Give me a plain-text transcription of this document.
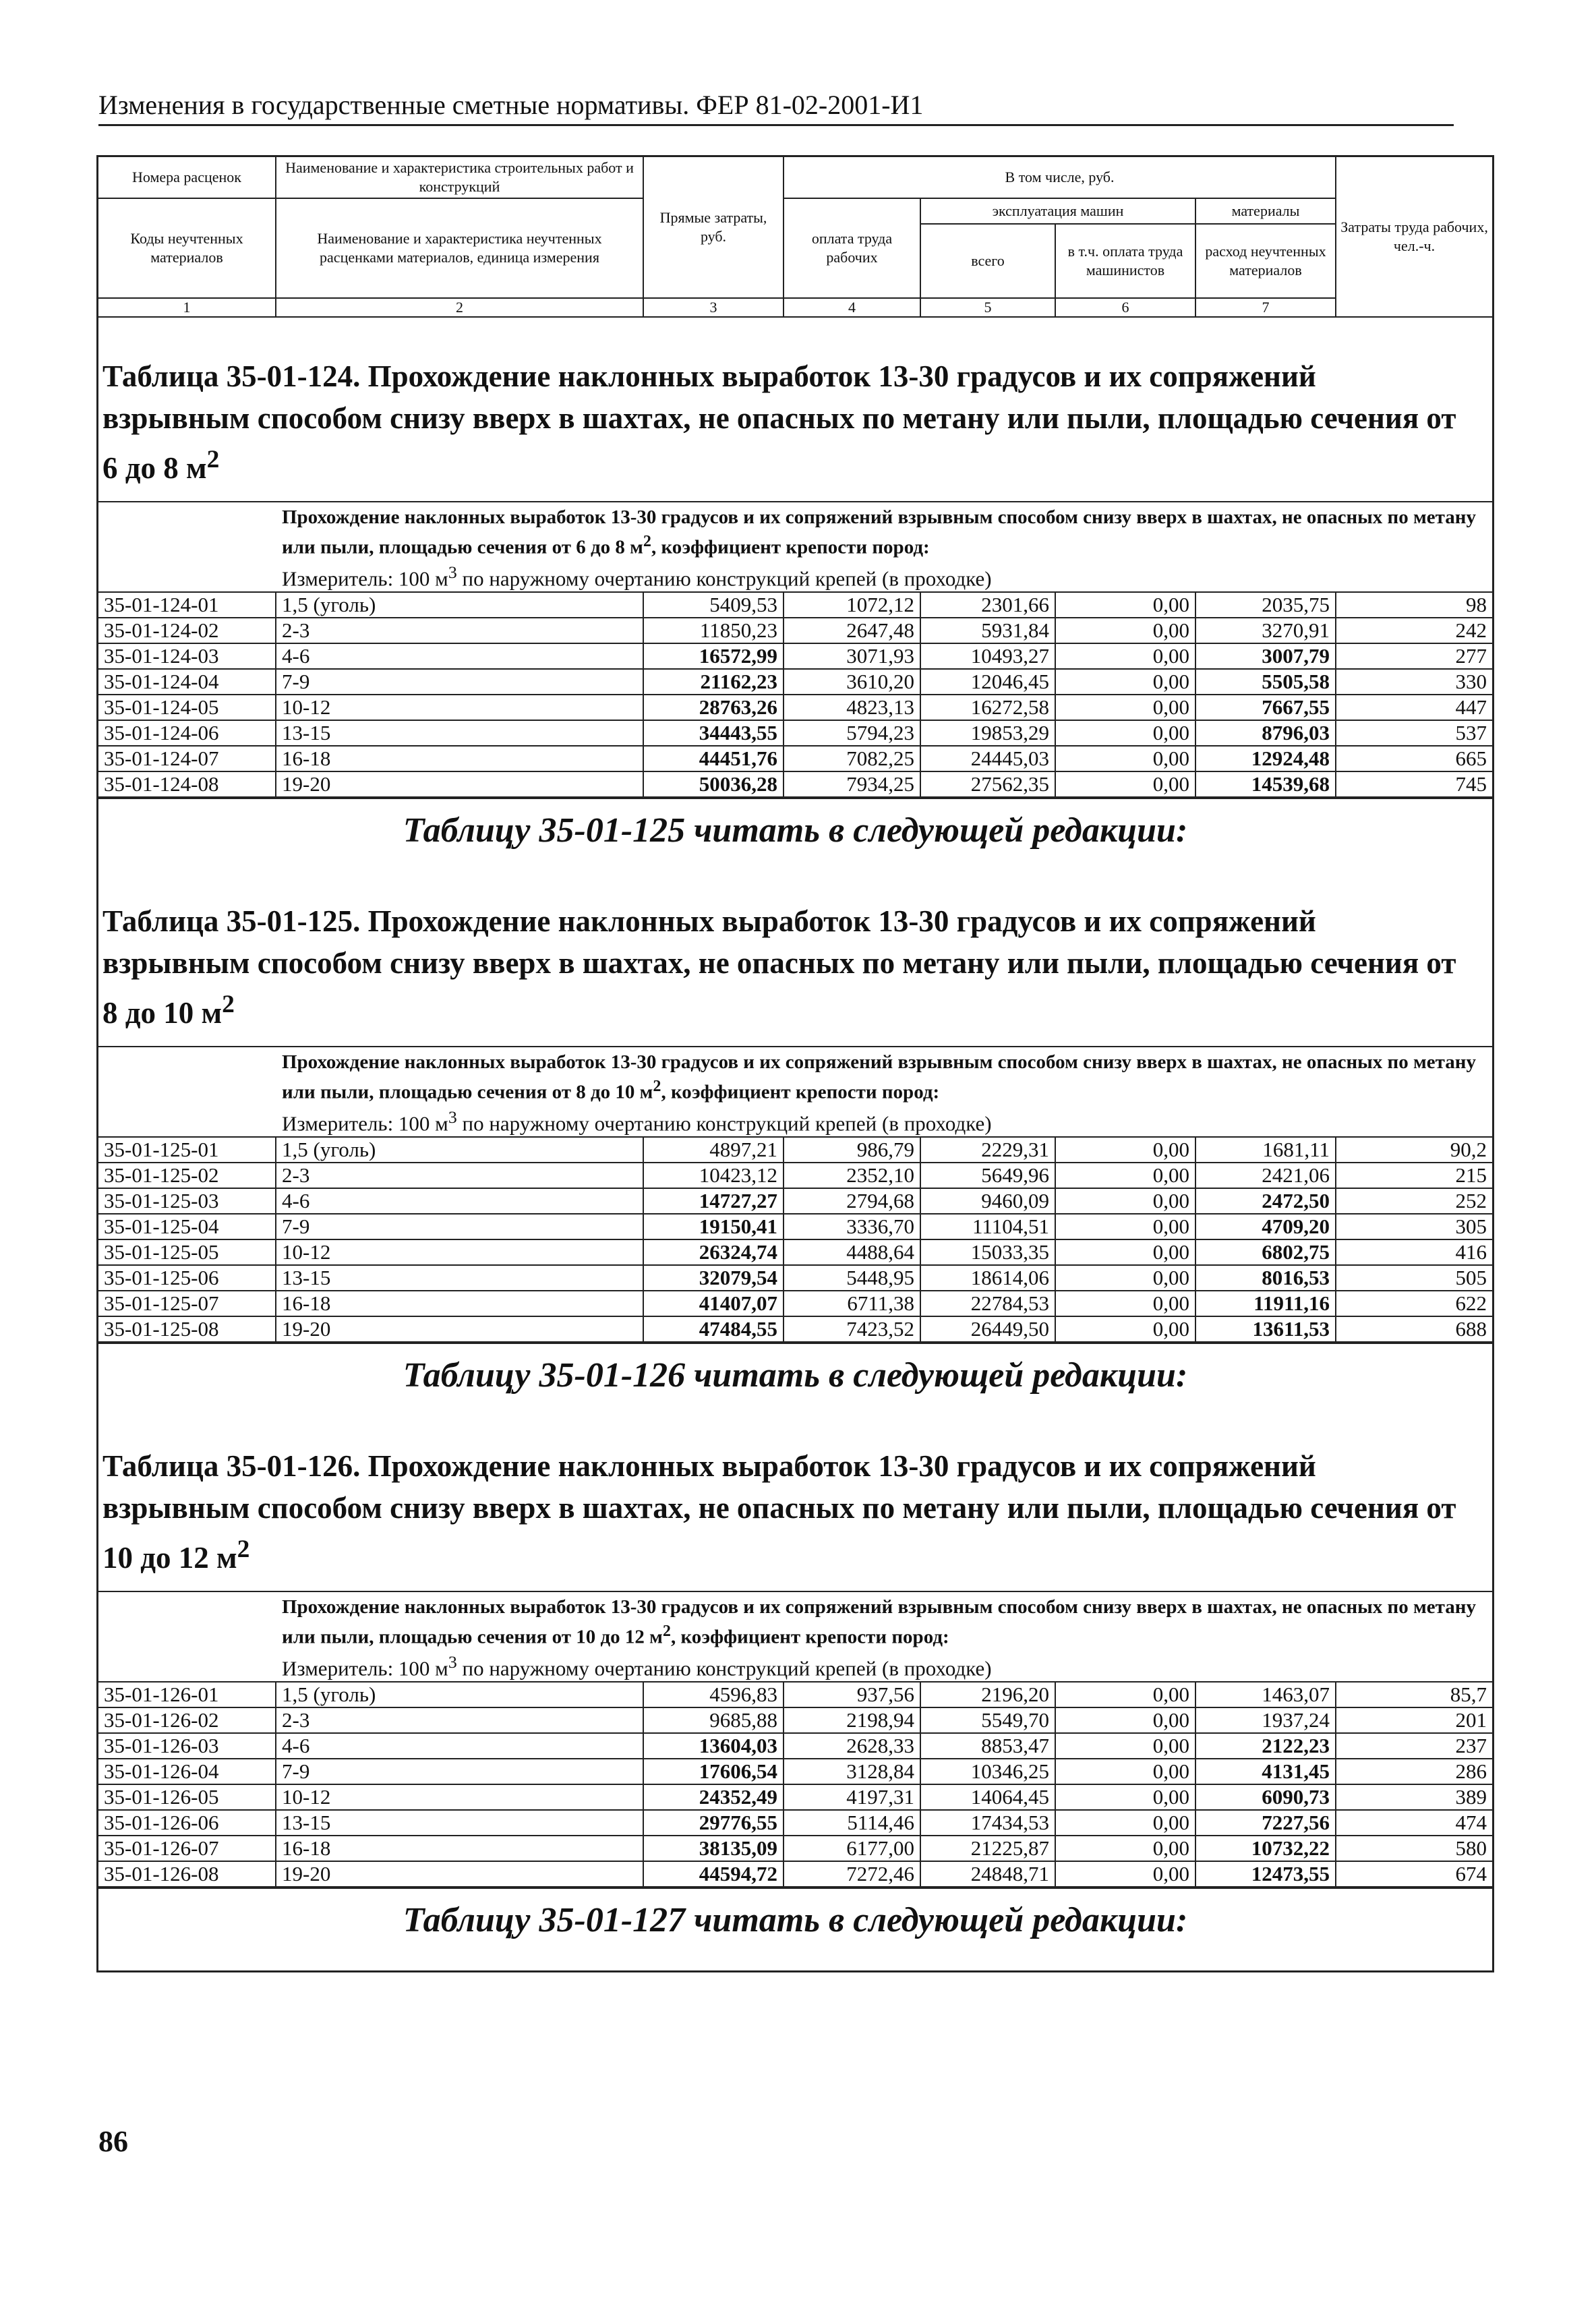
Изменения в государственные сметные нормативы. ФЕР 81-02-2001-И1
Номера расценок	Наименование и характеристика строительных работ и конструкций	Прямые затраты, руб.	В том числе, руб.				Затраты труда рабочих, чел.-ч.
Коды неучтенных материалов	Наименование и характеристика неучтенных расценками материалов, единица измерения		оплата труда рабочих	эксплуатация машин		материалы	
				всего	в т.ч. оплата труда машинистов	расход неучтенных материалов	
1	2	3	4	5	6	7	
Таблица 35-01-124. Прохождение наклонных выработок 13-30 градусов и их сопряжений взрывным способом снизу вверх в шахтах, не опасных по метану или пыли, площадью сечения от 6 до 8 $м^2$

Прохождение наклонных выработок 13-30 градусов и их сопряжений взрывным способом снизу вверх в шахтах, не опасных по метану или пыли, площадью сечения от 6 до 8 $м^2$, коэффициент крепости пород:

Измеритель: 100 $м^3$ по наружному очертанию конструкций крепей (в проходке)

35-01-124-01	1,5 (уголь)	5409,53	1072,12	2301,66	0,00	2035,75	98
35-01-124-02	2-3	11850,23	2647,48	5931,84	0,00	3270,91	242
35-01-124-03	4-6	16572,99	3071,93	10493,27	0,00	3007,79	277
35-01-124-04	7-9	21162,23	3610,20	12046,45	0,00	5505,58	330
35-01-124-05	10-12	28763,26	4823,13	16272,58	0,00	7667,55	447
35-01-124-06	13-15	34443,55	5794,23	19853,29	0,00	8796,03	537
35-01-124-07	16-18	44451,76	7082,25	24445,03	0,00	12924,48	665
35-01-124-08	19-20	50036,28	7934,25	27562,35	0,00	14539,68	745

Таблицу 35-01-125 читать в следующей редакции:

Таблица 35-01-125. Прохождение наклонных выработок 13-30 градусов и их сопряжений взрывным способом снизу вверх в шахтах, не опасных по метану или пыли, площадью сечения от 8 до 10 $м^2$

Прохождение наклонных выработок 13-30 градусов и их сопряжений взрывным способом снизу вверх в шахтах, не опасных по метану или пыли, площадью сечения от 8 до 10 $м^2$, коэффициент крепости пород:

Измеритель: 100 $м^3$ по наружному очертанию конструкций крепей (в проходке)

35-01-125-01	1,5 (уголь)	4897,21	986,79	2229,31	0,00	1681,11	90,2
35-01-125-02	2-3	10423,12	2352,10	5649,96	0,00	2421,06	215
35-01-125-03	4-6	14727,27	2794,68	9460,09	0,00	2472,50	252
35-01-125-04	7-9	19150,41	3336,70	11104,51	0,00	4709,20	305
35-01-125-05	10-12	26324,74	4488,64	15033,35	0,00	6802,75	416
35-01-125-06	13-15	32079,54	5448,95	18614,06	0,00	8016,53	505
35-01-125-07	16-18	41407,07	6711,38	22784,53	0,00	11911,16	622
35-01-125-08	19-20	47484,55	7423,52	26449,50	0,00	13611,53	688

Таблицу 35-01-126 читать в следующей редакции:

Таблица 35-01-126. Прохождение наклонных выработок 13-30 градусов и их сопряжений взрывным способом снизу вверх в шахтах, не опасных по метану или пыли, площадью сечения от 10 до 12 $м^2$

Прохождение наклонных выработок 13-30 градусов и их сопряжений взрывным способом снизу вверх в шахтах, не опасных по метану или пыли, площадью сечения от 10 до 12 $м^2$, коэффициент крепости пород:

Измеритель: 100 $м^3$ по наружному очертанию конструкций крепей (в проходке)

35-01-126-01	1,5 (уголь)	4596,83	937,56	2196,20	0,00	1463,07	85,7
35-01-126-02	2-3	9685,88	2198,94	5549,70	0,00	1937,24	201
35-01-126-03	4-6	13604,03	2628,33	8853,47	0,00	2122,23	237
35-01-126-04	7-9	17606,54	3128,84	10346,25	0,00	4131,45	286
35-01-126-05	10-12	24352,49	4197,31	14064,45	0,00	6090,73	389
35-01-126-06	13-15	29776,55	5114,46	17434,53	0,00	7227,56	474
35-01-126-07	16-18	38135,09	6177,00	21225,87	0,00	10732,22	580
35-01-126-08	19-20	44594,72	7272,46	24848,71	0,00	12473,55	674

Таблицу 35-01-127 читать в следующей редакции:

86
